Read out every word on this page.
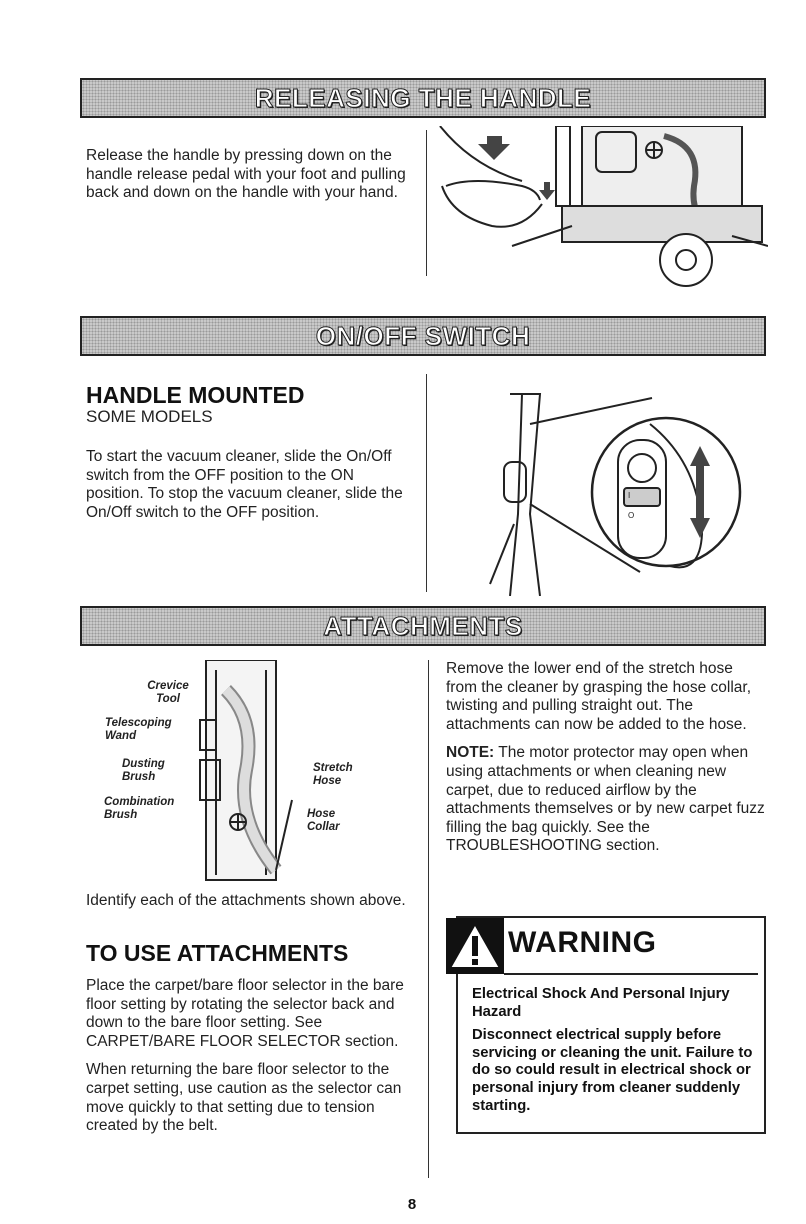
RELEASING THE HANDLE
Release the handle by pressing down on the handle release pedal with your foot and pulling back and down on the handle with your hand.
ON/OFF SWITCH
HANDLE MOUNTED
SOME MODELS
To start the vacuum cleaner, slide the On/Off switch from the OFF position to the ON position. To stop the vacuum cleaner, slide the On/Off switch to the OFF position.
I
O
ATTACHMENTS
Crevice Tool
Telescoping Wand
Dusting Brush
Combination Brush
Stretch Hose
Hose Collar
Identify each of the attachments shown above.
TO USE ATTACHMENTS

Place the carpet/bare floor selector in the bare floor setting by rotating the selector back and down to the bare floor setting. See CARPET/BARE FLOOR SELECTOR section.

When returning the bare floor selector to the carpet setting, use caution as the selector can move quickly to that setting due to tension created by the belt.

Remove the lower end of the stretch hose from the cleaner by grasping the hose collar, twisting and pulling straight out. The attachments can now be added to the hose.

NOTE: The motor protector may open when using attachments or when cleaning new carpet, due to reduced airflow by the attachments themselves or by new carpet fuzz filling the bag quickly. See the TROUBLESHOOTING section.

WARNING

Electrical Shock And Personal Injury Hazard

Disconnect electrical supply before servicing or cleaning the unit. Failure to do so could result in electrical shock or personal injury from cleaner suddenly starting.

8
